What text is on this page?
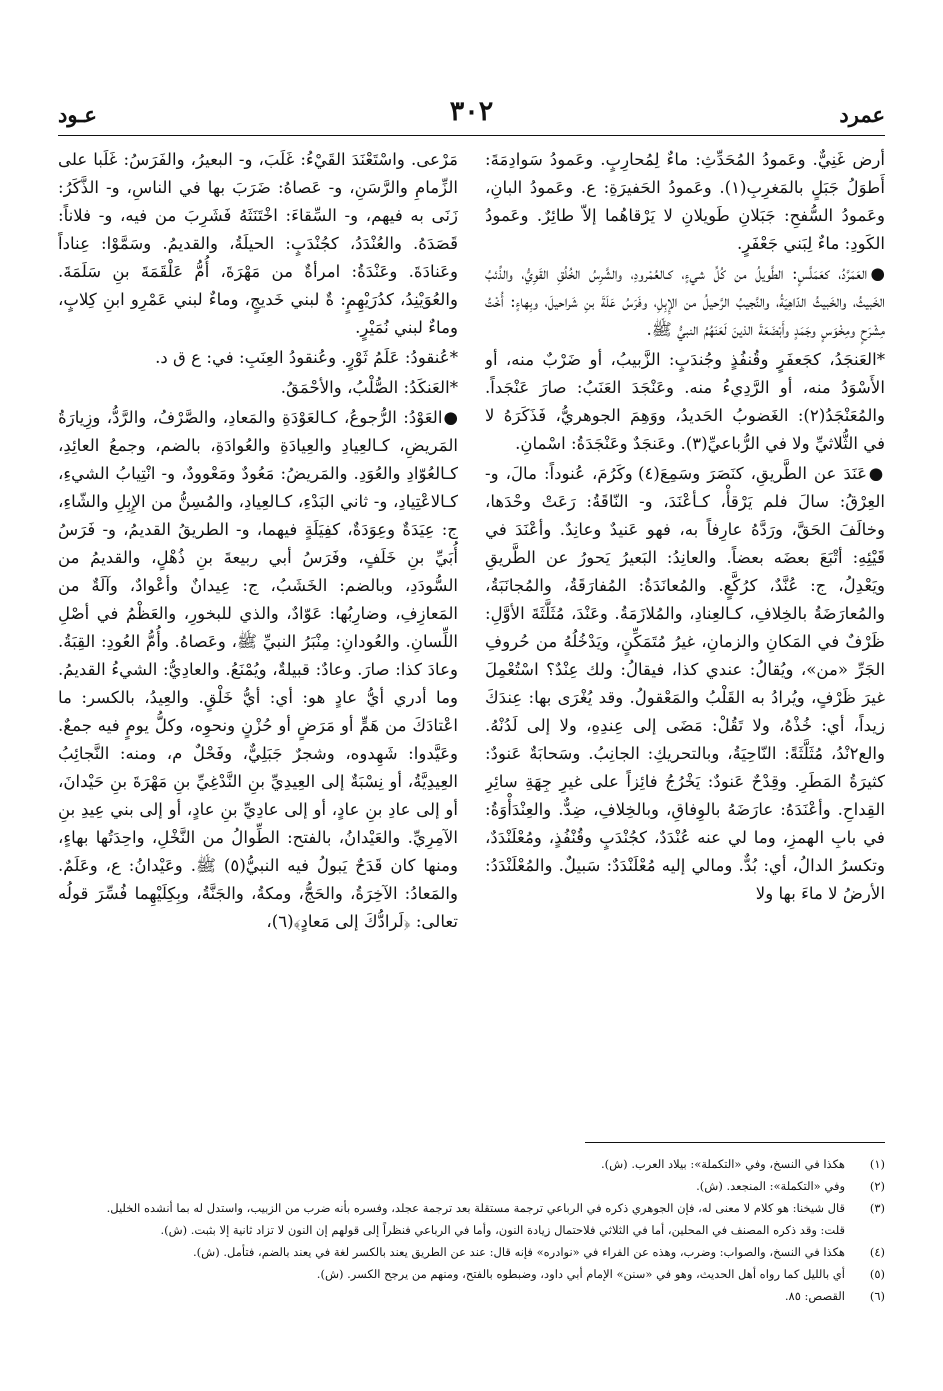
عمرد
٣٠٢
عـود

أرض غَنِيٌّ. وعَمودُ المُحَدِّثِ: ماءٌ لِمُحارِبٍ. وعَمودُ سَوادِمَةَ: أَطوَلُ جَبَلٍ بالمَغرِبِ(١). وعَمودُ الحَفيرَةِ: ع. وعَمودُ البانِ، وعَمودُ السُّفحِ: جَبَلانِ طَويلانِ لا يَرْقاهُما إلاّ طائِرٌ. وعَمودُ الكَودِ: ماءٌ لِبَني جَعْفَرٍ.

●العَمَرَّدُ، كعَمَلَّسٍ: الطَّويلُ من كُلِّ شيءٍ، كـالعُمْرودِ، والشَّرِسُ الخُلُقِ القَوِيُّ، والذِّئبُ الخَبيثُ، والخَبيثُ الدّاهِيَةُ، والنَّجيبُ الرَّحيلُ من الإِبِلِ، وفَرَسُ عَلَةَ بنِ شَراحيلَ، وبِهاءٍ: أُخْتُ مِشْرَحٍ ومِخْوَسٍ وجَمَدٍ وأَبْضَعَةَ الذينَ لَعَنَهُمُ النبيُّ ﷺ.

*العَنجَدُ، كجَعفَرٍ وقُنفُذٍ وجُندَبٍ: الزَّبيبُ، أو ضَرْبٌ منه، أو الأَسْوَدُ منه، أو الرَّدِيءُ منه. وعَنْجَدَ العَنَبُ: صارَ عَنْجَداً. والمُعَنْجَدُ(٢): الغَضوبُ الحَديدُ، ووَهِمَ الجوهريُّ، فَذَكَرَهُ لا في الثُّلاثيِّ ولا في الرُّباعيِّ(٣). وعَنجَدٌ وعَنْجَدَةُ: اسْمانِ.

●عَنَدَ عن الطَّريقِ، كنَصَرَ وسَمِعَ(٤) وكَرُمَ، عُنوداً: مالَ، و- العِرْقُ: سالَ فلم يَرْقأْ، كـأعْنَدَ، و- النّاقَةُ: رَعَتْ وحْدَها، وخالَفَ الحَقَّ، ورَدَّهُ عارِفاً به، فهو عَنيدٌ وعانِدٌ. وأعْنَدَ في قَيْئِهِ: أتْبَعَ بعضَه بعضاً. والعانِدُ: البَعيرُ يَحورُ عن الطَّريقِ ويَعْدِلُ، ج: عُنَّدٌ، كرُكَّعٍ. والمُعانَدَةُ: المُفارَقَةُ، والمُجانَبَةُ، والمُعارَضَةُ بالخِلافِ، كـالعِنادِ، والمُلازَمَةُ. وعَنْدَ، مُثَلَّثَةَ الأوَّلِ: ظَرْفٌ في المَكانِ والزمانِ، غيرُ مُتَمَكِّنٍ، ويَدْخُلُهُ من حُروفِ الجَرِّ «من»، ويُقالُ: عندي كذا، فيقالُ: ولك عِنْدٌ؟ اسْتُعْمِلَ غيرَ ظَرْفٍ، ويُرادُ به القَلْبُ والمَعْقولُ. وقد يُغْرَى بها: عِندَكَ زيداً، أي: خُذْهُ، ولا تَقُلْ: مَضَى إلى عِندِهِ، ولا إلى لَدُنْهُ. والع٢نْدُ، مُثَلَّثَةً: النّاحِيَةُ، وبالتحريكِ: الجانِبُ. وسَحابَةٌ عَنودٌ: كثيرَةُ المَطَرِ. وقِدْحٌ عَنودٌ: يَخْرُجُ فائِزاً على غيرِ جِهَةِ سائِرِ القِداحِ. وأعْنَدَهُ: عارَضَهُ بالوِفاقِ، وبالخِلافِ، ضِدٌّ. والعِنْدَأْوَةُ: في بابِ الهمزِ، وما لي عنه عُنْدَدٌ، كجُنْدَبٍ وقُنْفُذٍ، ومُعْلَنْدَدٌ، وتكسرُ الدالُ، أي: بُدٌّ. ومالي إليه مُعْلَنْدَدٌ: سَبيلٌ. والمُعْلَنْدَدُ: الأرضُ لا ماءَ بها ولا

مَرْعى. واسْتَعْنَدَ القَيْءُ: غَلَبَ، و- البعيرُ، والفَرَسُ: غَلَبا على الزِّمامِ والرَّسَنِ، و- عَصاهُ: ضَرَبَ بها في الناسِ، و- الذَّكَرُ: زَنَى به فيهم، و- السِّقاءَ: اخْتَنَثَهُ فَشَرِبَ من فيه، و- فلاناً: قَصَدَهُ. والعُنْدَدُ، كجُنْدَبٍ: الحيلَةُ، والقديمُ. وسَمَّوْا: عِناداً وعَنادَةَ. وعَنْدَةُ: امرأةٌ من مَهْرَةَ، أُمُّ عَلْقَمَةَ بنِ سَلَمَةَ. والعُوَيْنِدُ، كدُرَيْهِمٍ: ةٌ لبني خَديجٍ، وماءٌ لبني عَمْرِو ابنِ كِلابٍ، وماءٌ لبني نُمَيْرٍ.

*عُنقودُ: عَلَمُ ثَوْرٍ. وعُنقودُ العِنَبِ: في: ع ق د.

*العَنكَدُ: الصُّلْبُ، والأحْمَقُ.

●العَوْدُ: الرُّجوعُ، كـالعَوْدَةِ والمَعادِ، والصَّرْفُ، والرَّدُّ، وزِيارَةُ المَريضِ، كـالعِيادِ والعِيادَةِ والعُوادَةِ، بالضم، وجمعُ العائِدِ، كـالعُوّادِ والعُوَدِ. والمَريضُ: مَعُودٌ ومَعْوودٌ، و- انْتِيابُ الشيءِ، كـالاعْتِيادِ، و- ثاني البَدْءِ، كـالعِيادِ، والمُسِنُّ من الإِبِلِ والشّاءِ، ج: عِيَدَةٌ وعِوَدَةٌ، كفِيَلَةٍ فيهما، و- الطريقُ القديمُ، و- فَرَسُ أُبَيِّ بنِ خَلَفٍ، وفَرَسُ أبي ربيعةَ بنِ ذُهْلٍ، والقديمُ من السُّودَدِ، وبالضم: الخَشَبُ، ج: عِيدانٌ وأعْوادٌ، وآلَةٌ من المَعازِفِ، وضارِبُها: عَوّادٌ، والذي للبخورِ، والعَظْمُ في أصْلِ اللِّسانِ. والعُودانِ: مِنْبَرُ النبيِّ ﷺ، وعَصاهُ. وأُمُّ العُودِ: القِبَةُ. وعادَ كذا: صارَ. وعادٌ: قبيلةٌ، ويُمْنَعُ. والعادِيُّ: الشيءُ القديمُ. وما أدري أيُّ عادٍ هو: أي: أيُّ خَلْقٍ. والعِيدُ، بالكسر: ما اعْتادَكَ من هَمٍّ أو مَرَضٍ أو حُزْنٍ ونحوِه، وكلُّ يومٍ فيه جمعٌ. وعَيَّدوا: شَهِدوه، وشجرٌ جَبَلِيٌّ، وفَحْلٌ م، ومنه: النَّجائِبُ العِيدِيَّةُ، أو نِسْبَةٌ إلى العِيدِيِّ بنِ النَّدْغِيِّ بنِ مَهْرَةَ بنِ حَيْدانَ، أو إلى عادِ بنِ عادٍ، أو إلى عادِيِّ بنِ عادٍ، أو إلى بني عِيدِ بنِ الآمِرِيِّ. والعَيْدانُ، بالفتح: الطِّوالُ من النَّخْلِ، واحِدَتُها بهاءٍ، ومنها كان قَدَحٌ يَبولُ فيه النبيُّ(٥) ﷺ. وعَيْدانُ: ع، وعَلَمٌ. والمَعادُ: الآخِرَةُ، والحَجُّ، ومكةُ، والجَنَّةُ، وبِكِلَيْهِما فُسِّرَ قولُه تعالى: ﴿لَرادُّكَ إلى مَعادٍ﴾(٦)،

(١)
هكذا في النسخ، وفي «التكملة»: بيلاد العرب. (ش).
(٢)
وفي «التكملة»: المنجعد. (ش).
(٣)
قال شيخنا: هو كلام لا معنى له، فإن الجوهري ذكره في الرباعي ترجمة مستقلة بعد ترجمة عجلد، وفسره بأنه ضرب من الزبيب، واستدل له بما أنشده الخليل.
قلت: وقد ذكره المصنف في المحلين، أما في الثلاثي فلاحتمال زيادة النون، وأما في الرباعي فنظراً إلى قولهم إن النون لا تزاد ثانية إلا بثبت. (ش).
(٤)
هكذا في النسخ، والصواب: وضرب، وهذه عن الفراء في «نوادره» فإنه قال: عند عن الطريق يعند بالكسر لغة في يعند بالضم، فتأمل. (ش).
(٥)
أي بالليل كما رواه أهل الحديث، وهو في «سنن» الإمام أبي داود، وضبطوه بالفتح، ومنهم من يرجح الكسر. (ش).
(٦)
القصص: ٨٥.
